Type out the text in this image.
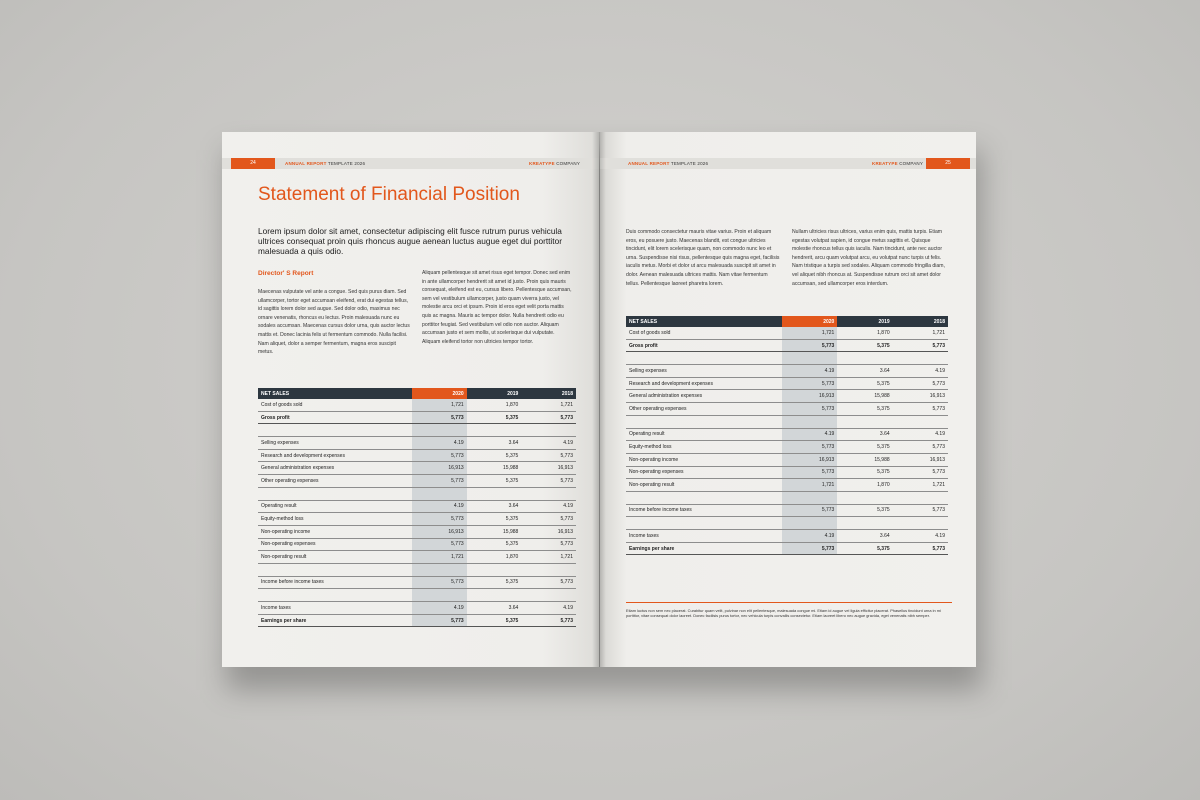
24	ANNUAL REPORT TEMPLATE 2026	KREATYPE COMPANY
Statement of Financial Position
Lorem ipsum dolor sit amet, consectetur adipiscing elit fusce rutrum purus vehicula ultrices consequat proin quis rhoncus augue aenean luctus augue eget dui porttitor malesuada a quis odio.
Director' S Report
Maecenas vulputate vel ante a congue. Sed quis purus diam. Sed ullamcorper, tortor eget accumsan eleifend, erat dui egestas tellus, id sagittis lorem dolor sed augue. Sed dolor odio, maximus nec ornare venenatis, rhoncus eu lectus. Proin malesuada nunc eu sodales accumsan. Maecenas cursus dolor urna, quis auctor lectus mattis et. Donec lacinia felis ut fermentum commodo. Nulla facilisi. Nam aliquet, dolor a semper fermentum, magna eros suscipit metus.
Aliquam pellentesque sit amet risus eget tempor. Donec sed enim in ante ullamcorper hendrerit sit amet id justo. Proin quis mauris consequat, eleifend est eu, cursus libero. Pellentesque accumsan, sem vel vestibulum ullamcorper, justo quam viverra justo, vel molestie arcu orci et ipsum. Proin id eros eget velit porta mattis quis ac magna. Mauris ac tempor dolor. Nulla hendrerit odio eu porttitor feugiat. Sed vestibulum vel odio non auctor. Aliquam accumsan justo et sem mollis, ut scelerisque dui vulputate. Aliquam eleifend tortor non ultricies tempor tortor.
NET SALES	2020	2019	2018
Cost of goods sold	1,721	1,870	1,721
Gross profit	5,773	5,375	5,773

Selling expenses	4.19	3.64	4.19
Research and development expenses	5,773	5,375	5,773
General administration expenses	16,913	15,988	16,913
Other operating expenses	5,773	5,375	5,773

Operating result	4.19	3.64	4.19
Equity-method loss	5,773	5,375	5,773
Non-operating income	16,913	15,988	16,913
Non-operating expenses	5,773	5,375	5,773
Non-operating result	1,721	1,870	1,721

Income before income taxes	5,773	5,375	5,773

Income taxes	4.19	3.64	4.19
Earnings per share	5,773	5,375	5,773
ANNUAL REPORT TEMPLATE 2026	KREATYPE COMPANY	25
Duis commodo consectetur mauris vitae varius. Proin et aliquam eros, eu posuere justo. Maecenas blandit, est congue ultricies tincidunt, elit lorem scelerisque quam, non commodo nunc leo et urna. Suspendisse nisi risus, pellentesque quis magna eget, facilisis iaculis metus. Morbi et dolor ut arcu malesuada suscipit sit amet in dolor. Aenean malesuada ultrices mattis. Nam vitae fermentum tellus. Pellentesque laoreet pharetra lorem.
Nullam ultricies risus ultrices, varius enim quis, mattis turpis. Etiam egestas volutpat sapien, id congue metus sagittis et. Quisque molestie rhoncus tellus quis iaculis. Nam tincidunt, ante nec auctor hendrerit, arcu quam volutpat arcu, eu volutpat nunc turpis ut felis. Nam tristique a turpis sed sodales. Aliquam commodo fringilla diam, vel aliquet nibh rhoncus at. Suspendisse rutrum orci sit amet dolor accumsan, sed ullamcorper eros interdum.
NET SALES	2020	2019	2018
Cost of goods sold	1,721	1,870	1,721
Gross profit	5,773	5,375	5,773

Selling expenses	4.19	3.64	4.19
Research and development expenses	5,773	5,375	5,773
General administration expenses	16,913	15,988	16,913
Other operating expenses	5,773	5,375	5,773

Operating result	4.19	3.64	4.19
Equity-method loss	5,773	5,375	5,773
Non-operating income	16,913	15,988	16,913
Non-operating expenses	5,773	5,375	5,773
Non-operating result	1,721	1,870	1,721

Income before income taxes	5,773	5,375	5,773

Income taxes	4.19	3.64	4.19
Earnings per share	5,773	5,375	5,773
Etiam luctus non sem nec placerat. Curabitur quam velit, pulvinar non elit pellentesque, malesuada congue mi. Etiam id augue vel ligula efficitur placerat. Phasellus tincidunt urna in mi porttitor, vitae consequat dolor laoreet. Donec facilisis purus tortor, nec vehicula turpis convallis consectetur. Etiam laoreet libero nec augue gravida, eget venenatis nibh semper.
